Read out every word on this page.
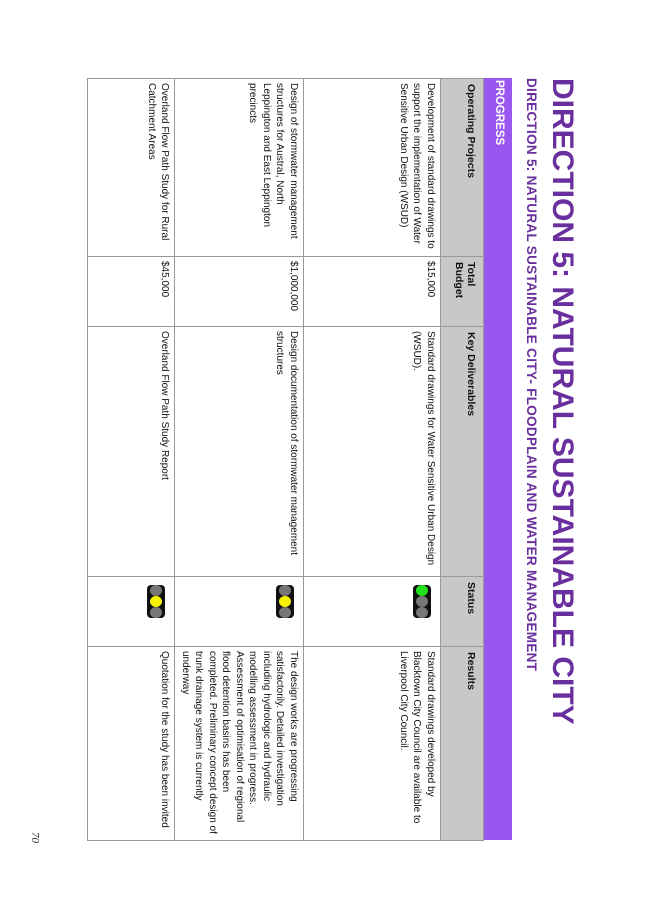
DIRECTION 5: NATURAL SUSTAINABLE CITY
DIRECTION 5: NATURAL SUSTAINABLE CITY- FLOODPLAIN AND WATER MANAGEMENT
PROGRESS
Operating Projects	Total Budget	Key Deliverables	Status	Results
Development of standard drawings to support the implementation of Water Sensitive Urban Design (WSUD)	$15,000	Standard drawings for Water Sensitive Urban Design (WSUD).		Standard drawings developed by Blacktown City Council are available to Liverpool City Council.
Design of stormwater management structures for Austral, North Leppington and East Leppington precincts	$1,000,000	Design documentation of stormwater management structures		The design works are progressing satisfactorily. Detailed investigation including hydrologic and hydraulic modelling assessment in progress. Assessment of optimisation of regional flood detention basins has been completed. Preliminary concept design of trunk drainage system is currently underway
Overland Flow Path Study for Rural Catchment Areas	$45,000	Overland Flow Path Study Report		Quotation for the study has been invited
70
